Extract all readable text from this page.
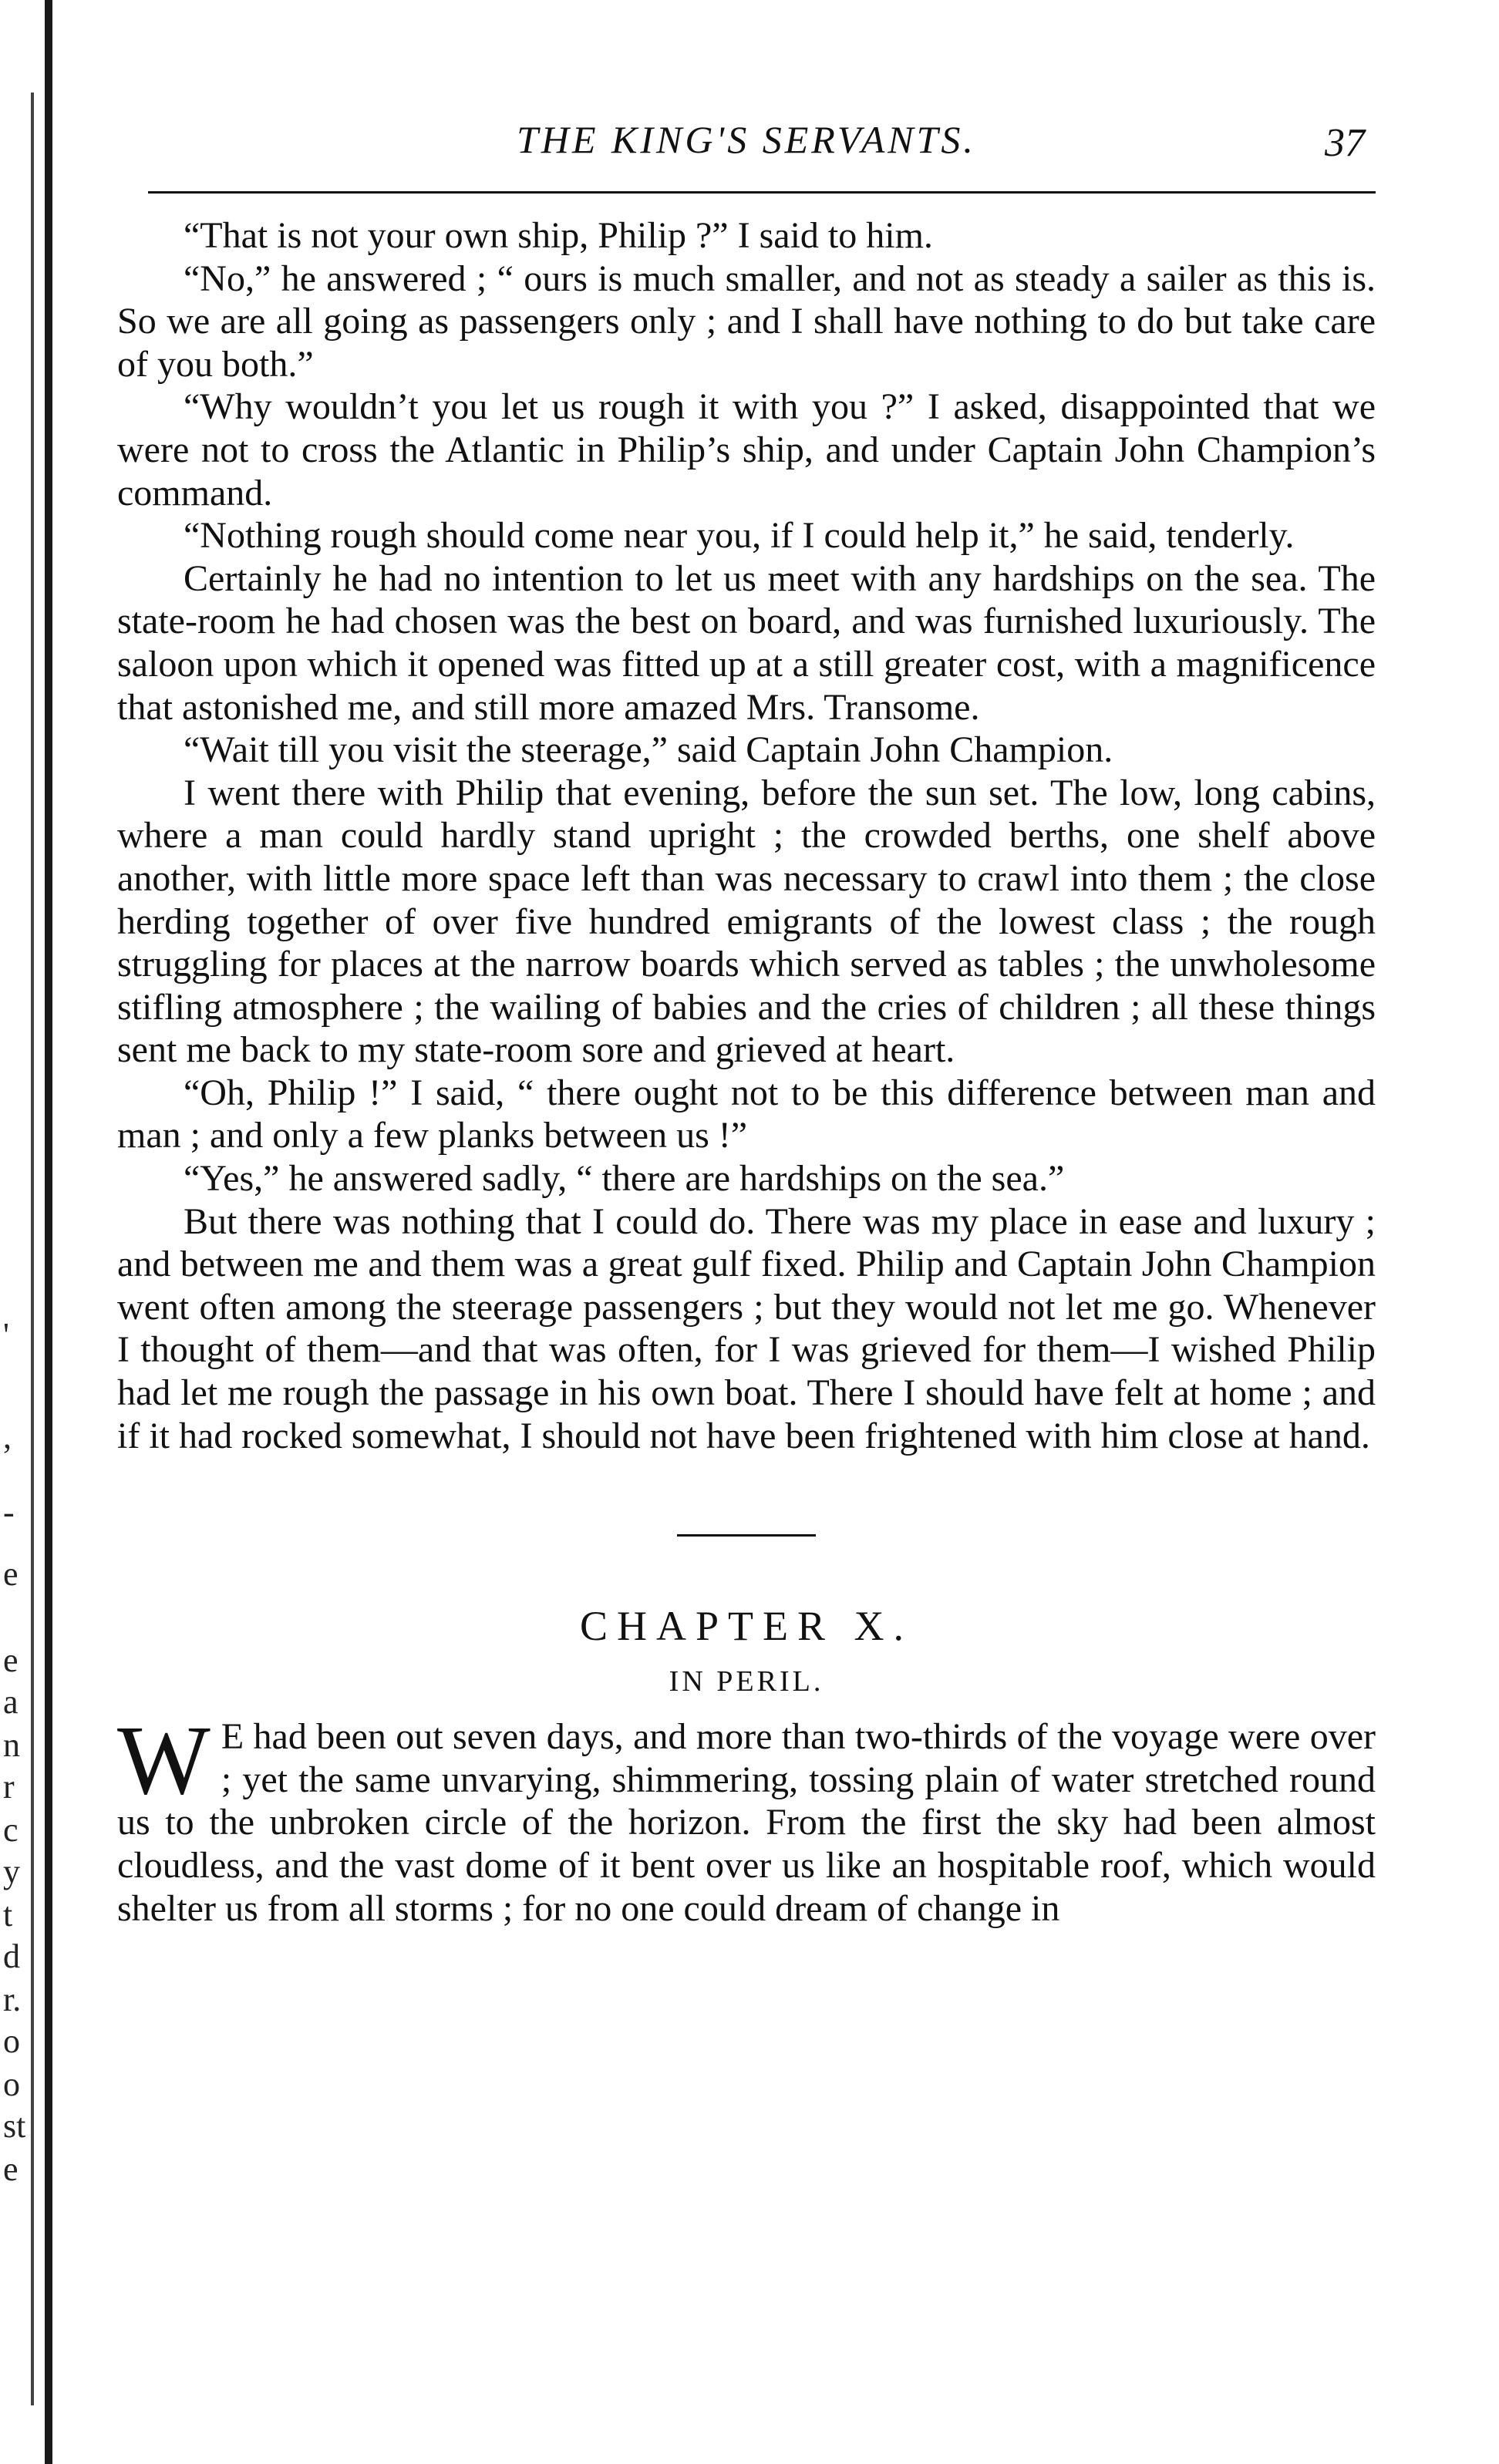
'
,
-
e
e
a
n
r
c
y
t
d
r.
o
o
st
e
THE KING'S SERVANTS.	37

“That is not your own ship, Philip ?” I said to him.

“No,” he answered ; “ ours is much smaller, and not as steady a sailer as this is. So we are all going as passengers only ; and I shall have nothing to do but take care of you both.”

“Why wouldn’t you let us rough it with you ?” I asked, disappointed that we were not to cross the Atlantic in Philip’s ship, and under Captain John Champion’s command.

“Nothing rough should come near you, if I could help it,” he said, tenderly.

Certainly he had no intention to let us meet with any hardships on the sea. The state-room he had chosen was the best on board, and was furnished luxuriously. The saloon upon which it opened was fitted up at a still greater cost, with a magnificence that astonished me, and still more amazed Mrs. Transome.

“Wait till you visit the steerage,” said Captain John Champion.

I went there with Philip that evening, before the sun set. The low, long cabins, where a man could hardly stand upright ; the crowded berths, one shelf above another, with little more space left than was necessary to crawl into them ; the close herding together of over five hundred emigrants of the lowest class ; the rough struggling for places at the narrow boards which served as tables ; the unwholesome stifling atmosphere ; the wailing of babies and the cries of children ; all these things sent me back to my state-room sore and grieved at heart.

“Oh, Philip !” I said, “ there ought not to be this difference between man and man ; and only a few planks between us !”

“Yes,” he answered sadly, “ there are hardships on the sea.”

But there was nothing that I could do. There was my place in ease and luxury ; and between me and them was a great gulf fixed. Philip and Captain John Champion went often among the steerage passengers ; but they would not let me go. Whenever I thought of them—and that was often, for I was grieved for them—I wished Philip had let me rough the passage in his own boat. There I should have felt at home ; and if it had rocked somewhat, I should not have been frightened with him close at hand.

CHAPTER X.
IN PERIL.
W E had been out seven days, and more than two-thirds of the voyage were over ; yet the same unvarying, shimmering, tossing plain of water stretched round us to the unbroken circle of the horizon. From the first the sky had been almost cloudless, and the vast dome of it bent over us like an hospitable roof, which would shelter us from all storms ; for no one could dream of change in
